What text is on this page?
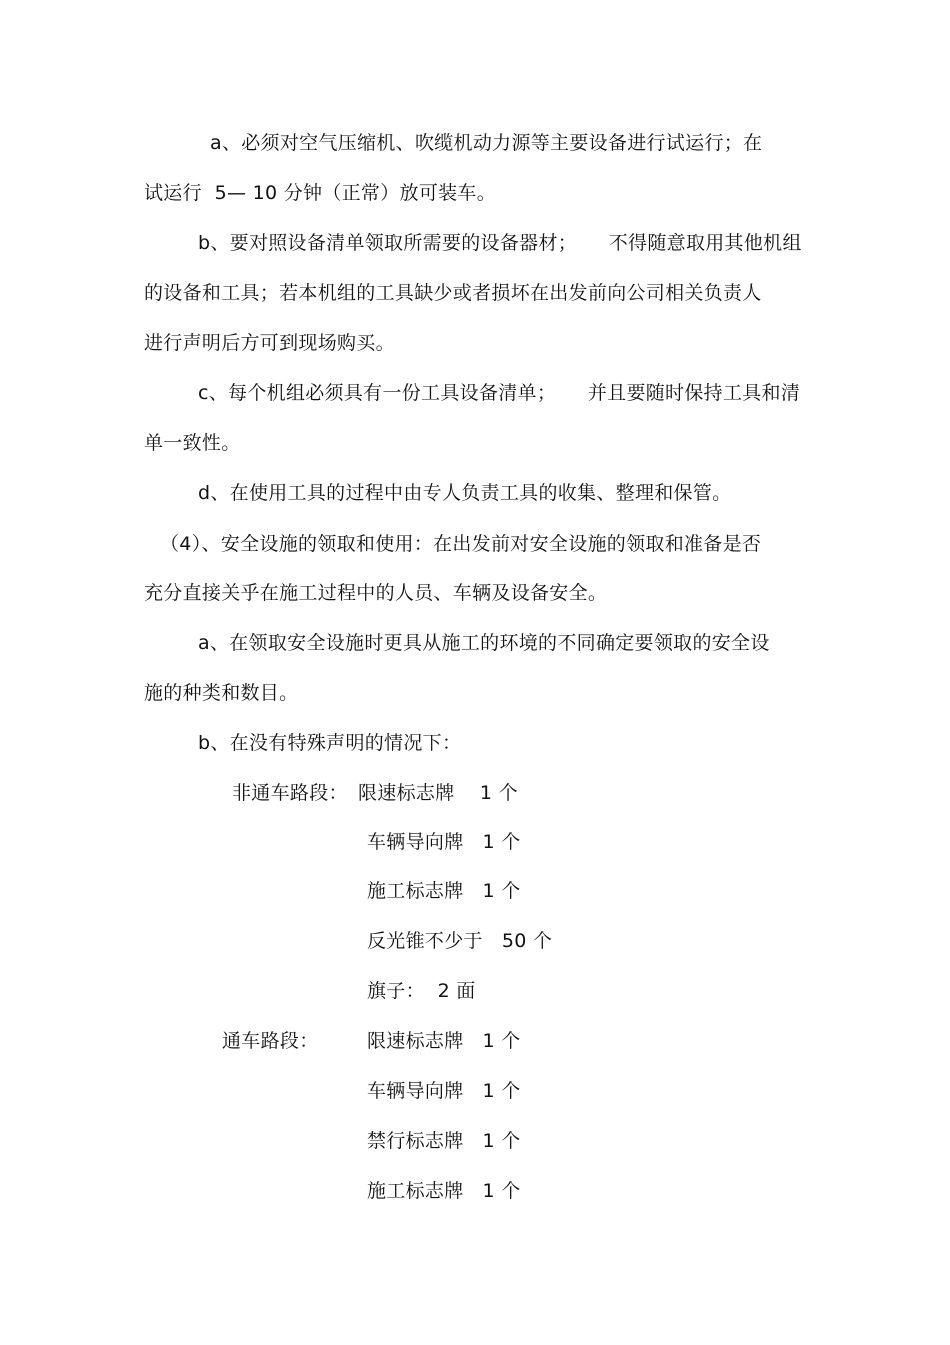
a、必须对空气压缩机、吹缆机动力源等主要设备进行试运行；在
试运行  5— 10 分钟（正常）放可装车。
b、要对照设备清单领取所需要的设备器材；     不得随意取用其他机组
的设备和工具；若本机组的工具缺少或者损坏在出发前向公司相关负责人
进行声明后方可到现场购买。
c、每个机组必须具有一份工具设备清单；     并且要随时保持工具和清
单一致性。
d、在使用工具的过程中由专人负责工具的收集、整理和保管。
（4）、安全设施的领取和使用：在出发前对安全设施的领取和准备是否
充分直接关乎在施工过程中的人员、车辆及设备安全。
a、在领取安全设施时更具从施工的环境的不同确定要领取的安全设
施的种类和数目。
b、在没有特殊声明的情况下：
非通车路段： 限速标志牌    1 个
车辆导向牌   1 个
施工标志牌   1 个
反光锥不少于   50 个
旗子：  2 面
通车路段：	限速标志牌   1 个
车辆导向牌   1 个
禁行标志牌   1 个
施工标志牌   1 个
